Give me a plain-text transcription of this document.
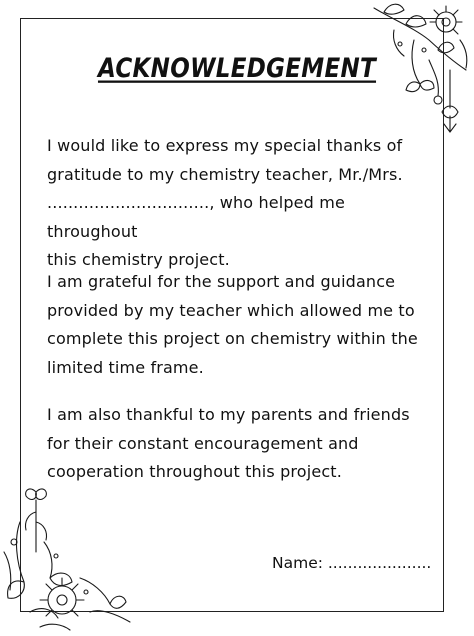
ACKNOWLEDGEMENT

I would like to express my special thanks of
gratitude to my chemistry teacher, Mr./Mrs.
..............................., who helped me throughout
this chemistry project.

I am grateful for the support and guidance
provided by my teacher which allowed me to
complete this project on chemistry within the
limited time frame.

I am also thankful to my parents and friends
for their constant encouragement and
cooperation throughout this project.

Name: .....................
